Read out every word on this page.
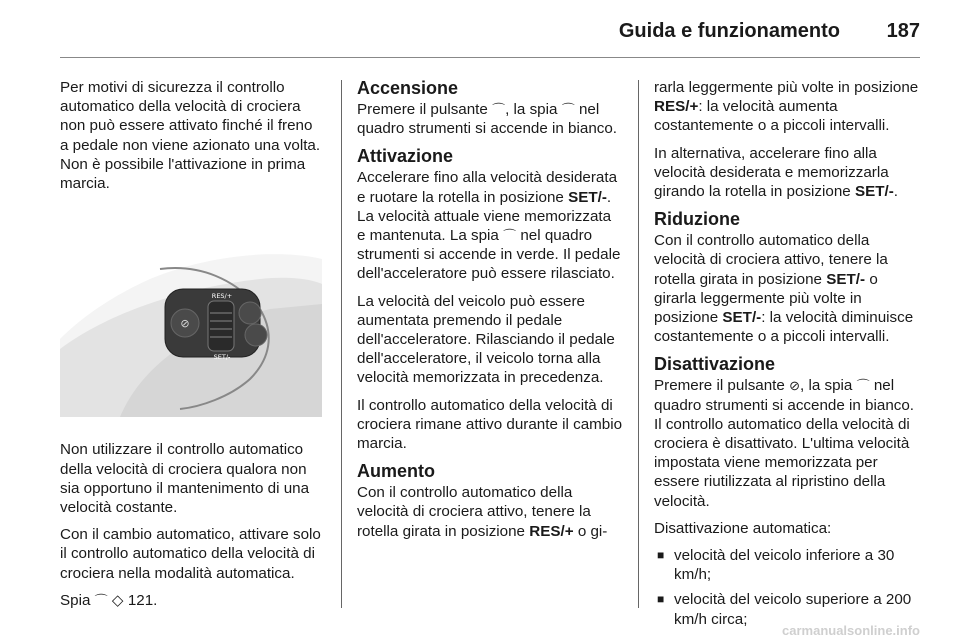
Guida e funzionamento 187

Per motivi di sicurezza il controllo automatico della velocità di crociera non può essere attivato finché il freno a pedale non viene azionato una volta. Non è possibile l'attivazione in prima marcia.

⊘
RES/+
SET/-

Non utilizzare il controllo automatico della velocità di crociera qualora non sia opportuno il mantenimento di una velocità costante.

Con il cambio automatico, attivare solo il controllo automatico della velocità di crociera nella modalità automatica.

Spia ⌒ ◇ 121.

Accensione

Premere il pulsante ⌒, la spia ⌒ nel quadro strumenti si accende in bianco.

Attivazione

Accelerare fino alla velocità desiderata e ruotare la rotella in posizione SET/-. La velocità attuale viene memorizzata e mantenuta. La spia ⌒ nel quadro strumenti si accende in verde. Il pedale dell'acceleratore può essere rilasciato.

La velocità del veicolo può essere aumentata premendo il pedale dell'acceleratore. Rilasciando il pedale dell'acceleratore, il veicolo torna alla velocità memorizzata in precedenza.

Il controllo automatico della velocità di crociera rimane attivo durante il cambio marcia.

Aumento

Con il controllo automatico della velocità di crociera attivo, tenere la rotella girata in posizione RES/+ o gi-

rarla leggermente più volte in posizione RES/+: la velocità aumenta costantemente o a piccoli intervalli.

In alternativa, accelerare fino alla velocità desiderata e memorizzarla girando la rotella in posizione SET/-.

Riduzione

Con il controllo automatico della velocità di crociera attivo, tenere la rotella girata in posizione SET/- o girarla leggermente più volte in posizione SET/-: la velocità diminuisce costantemente o a piccoli intervalli.

Disattivazione

Premere il pulsante ⊘, la spia ⌒ nel quadro strumenti si accende in bianco. Il controllo automatico della velocità di crociera è disattivato. L'ultima velocità impostata viene memorizzata per essere riutilizzata al ripristino della velocità.

Disattivazione automatica:

■ velocità del veicolo inferiore a 30 km/h;
■ velocità del veicolo superiore a 200 km/h circa;
carmanualsonline.info
